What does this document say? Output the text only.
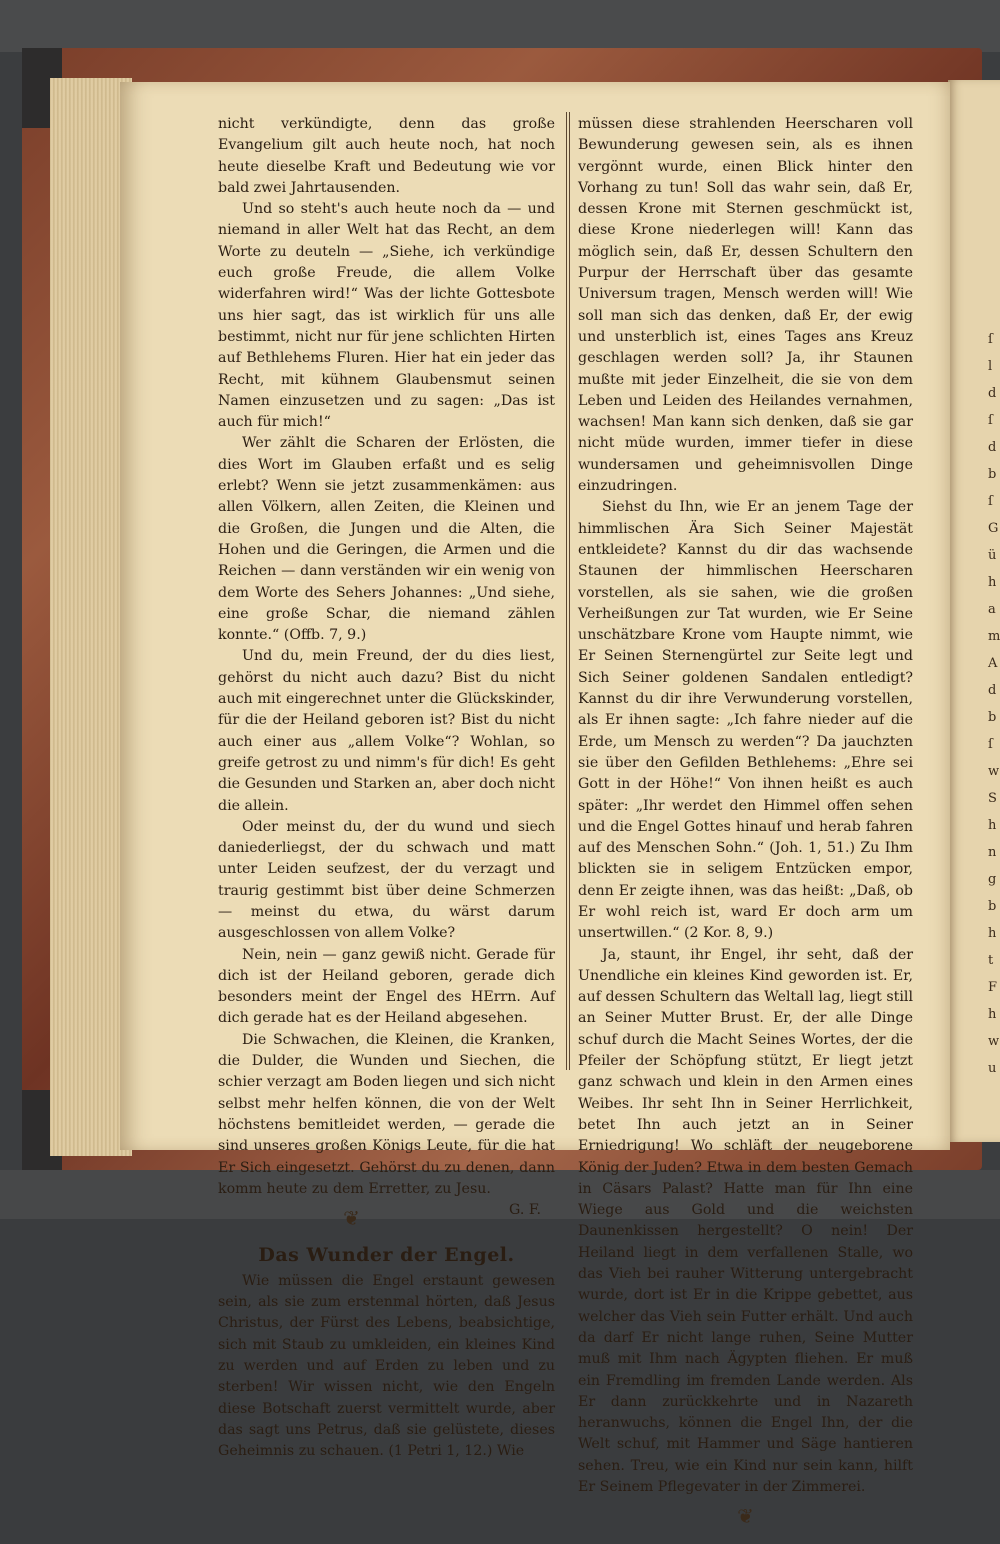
ſ
l
d
ſ
d
b
ſ
G
ü
h
a
m
A
d
b
ſ
w
S
h
n
g
b
h
t
F
h
w
u

nicht verkündigte, denn das große Evangelium gilt auch heute noch, hat noch heute dieselbe Kraft und Bedeutung wie vor bald zwei Jahrtausenden.

Und so steht's auch heute noch da — und niemand in aller Welt hat das Recht, an dem Worte zu deuteln — „Siehe, ich verkündige euch große Freude, die allem Volke widerfahren wird!“ Was der lichte Gottesbote uns hier sagt, das ist wirklich für uns alle bestimmt, nicht nur für jene schlichten Hirten auf Bethlehems Fluren. Hier hat ein jeder das Recht, mit kühnem Glaubensmut seinen Namen einzusetzen und zu sagen: „Das ist auch für mich!“

Wer zählt die Scharen der Erlösten, die dies Wort im Glauben erfaßt und es selig erlebt? Wenn sie jetzt zusammenkämen: aus allen Völkern, allen Zeiten, die Kleinen und die Großen, die Jungen und die Alten, die Hohen und die Geringen, die Armen und die Reichen — dann verständen wir ein wenig von dem Worte des Sehers Johannes: „Und siehe, eine große Schar, die niemand zählen konnte.“ (Offb. 7, 9.)

Und du, mein Freund, der du dies liest, gehörst du nicht auch dazu? Bist du nicht auch mit eingerechnet unter die Glückskinder, für die der Heiland geboren ist? Bist du nicht auch einer aus „allem Volke“? Wohlan, so greife getrost zu und nimm's für dich! Es geht die Gesunden und Starken an, aber doch nicht die allein.

Oder meinst du, der du wund und siech daniederliegst, der du schwach und matt unter Leiden seufzest, der du verzagt und traurig gestimmt bist über deine Schmerzen — meinst du etwa, du wärst darum ausgeschlossen von allem Volke?

Nein, nein — ganz gewiß nicht. Gerade für dich ist der Heiland geboren, gerade dich besonders meint der Engel des HErrn. Auf dich gerade hat es der Heiland abgesehen.

Die Schwachen, die Kleinen, die Kranken, die Dulder, die Wunden und Siechen, die schier verzagt am Boden liegen und sich nicht selbst mehr helfen können, die von der Welt höchstens bemitleidet werden, — gerade die sind unseres großen Königs Leute, für die hat Er Sich eingesetzt. Gehörst du zu denen, dann komm heute zu dem Erretter, zu Jesu.
G. F.

❦
Das Wunder der Engel.

Wie müssen die Engel erstaunt gewesen sein, als sie zum erstenmal hörten, daß Jesus Christus, der Fürst des Lebens, beabsichtige, sich mit Staub zu umkleiden, ein kleines Kind zu werden und auf Erden zu leben und zu sterben! Wir wissen nicht, wie den Engeln diese Botschaft zuerst vermittelt wurde, aber das sagt uns Petrus, daß sie gelüstete, dieses Geheimnis zu schauen. (1 Petri 1, 12.) Wie

müssen diese strahlenden Heerscharen voll Bewunderung gewesen sein, als es ihnen vergönnt wurde, einen Blick hinter den Vorhang zu tun! Soll das wahr sein, daß Er, dessen Krone mit Sternen geschmückt ist, diese Krone niederlegen will! Kann das möglich sein, daß Er, dessen Schultern den Purpur der Herrschaft über das gesamte Universum tragen, Mensch werden will! Wie soll man sich das denken, daß Er, der ewig und unsterblich ist, eines Tages ans Kreuz geschlagen werden soll? Ja, ihr Staunen mußte mit jeder Einzelheit, die sie von dem Leben und Leiden des Heilandes vernahmen, wachsen! Man kann sich denken, daß sie gar nicht müde wurden, immer tiefer in diese wundersamen und geheimnisvollen Dinge einzudringen.

Siehst du Ihn, wie Er an jenem Tage der himmlischen Ära Sich Seiner Majestät entkleidete? Kannst du dir das wachsende Staunen der himmlischen Heerscharen vorstellen, als sie sahen, wie die großen Verheißungen zur Tat wurden, wie Er Seine unschätzbare Krone vom Haupte nimmt, wie Er Seinen Sternengürtel zur Seite legt und Sich Seiner goldenen Sandalen entledigt? Kannst du dir ihre Verwunderung vorstellen, als Er ihnen sagte: „Ich fahre nieder auf die Erde, um Mensch zu werden“? Da jauchzten sie über den Gefilden Bethlehems: „Ehre sei Gott in der Höhe!“ Von ihnen heißt es auch später: „Ihr werdet den Himmel offen sehen und die Engel Gottes hinauf und herab fahren auf des Menschen Sohn.“ (Joh. 1, 51.) Zu Ihm blickten sie in seligem Entzücken empor, denn Er zeigte ihnen, was das heißt: „Daß, ob Er wohl reich ist, ward Er doch arm um unsertwillen.“ (2 Kor. 8, 9.)

Ja, staunt, ihr Engel, ihr seht, daß der Unendliche ein kleines Kind geworden ist. Er, auf dessen Schultern das Weltall lag, liegt still an Seiner Mutter Brust. Er, der alle Dinge schuf durch die Macht Seines Wortes, der die Pfeiler der Schöpfung stützt, Er liegt jetzt ganz schwach und klein in den Armen eines Weibes. Ihr seht Ihn in Seiner Herrlichkeit, betet Ihn auch jetzt an in Seiner Erniedrigung! Wo schläft der neugeborene König der Juden? Etwa in dem besten Gemach in Cäsars Palast? Hatte man für Ihn eine Wiege aus Gold und die weichsten Daunenkissen hergestellt? O nein! Der Heiland liegt in dem verfallenen Stalle, wo das Vieh bei rauher Witterung untergebracht wurde, dort ist Er in die Krippe gebettet, aus welcher das Vieh sein Futter erhält. Und auch da darf Er nicht lange ruhen, Seine Mutter muß mit Ihm nach Ägypten fliehen. Er muß ein Fremdling im fremden Lande werden. Als Er dann zurückkehrte und in Nazareth heranwuchs, können die Engel Ihn, der die Welt schuf, mit Hammer und Säge hantieren sehen. Treu, wie ein Kind nur sein kann, hilft Er Seinem Pflegevater in der Zimmerei.

❦
